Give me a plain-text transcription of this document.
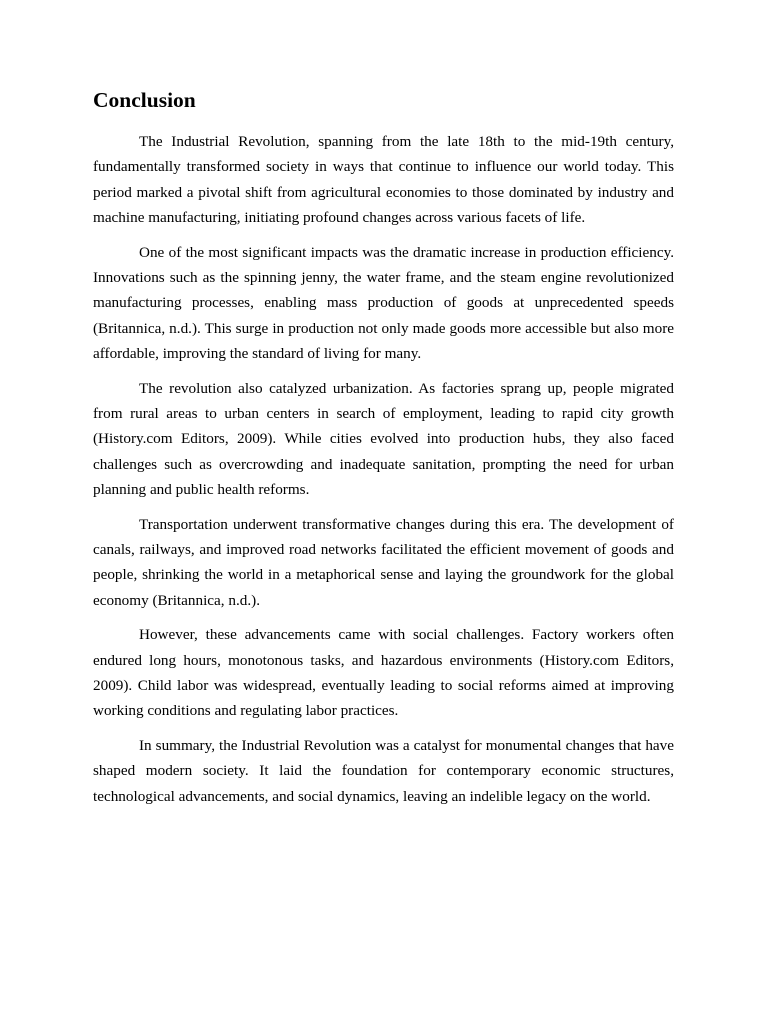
Conclusion

The Industrial Revolution, spanning from the late 18th to the mid-19th century, fundamentally transformed society in ways that continue to influence our world today. This period marked a pivotal shift from agricultural economies to those dominated by industry and machine manufacturing, initiating profound changes across various facets of life.

One of the most significant impacts was the dramatic increase in production efficiency. Innovations such as the spinning jenny, the water frame, and the steam engine revolutionized manufacturing processes, enabling mass production of goods at unprecedented speeds (Britannica, n.d.). This surge in production not only made goods more accessible but also more affordable, improving the standard of living for many.

The revolution also catalyzed urbanization. As factories sprang up, people migrated from rural areas to urban centers in search of employment, leading to rapid city growth (History.com Editors, 2009). While cities evolved into production hubs, they also faced challenges such as overcrowding and inadequate sanitation, prompting the need for urban planning and public health reforms.

Transportation underwent transformative changes during this era. The development of canals, railways, and improved road networks facilitated the efficient movement of goods and people, shrinking the world in a metaphorical sense and laying the groundwork for the global economy (Britannica, n.d.).

However, these advancements came with social challenges. Factory workers often endured long hours, monotonous tasks, and hazardous environments (History.com Editors, 2009). Child labor was widespread, eventually leading to social reforms aimed at improving working conditions and regulating labor practices.

In summary, the Industrial Revolution was a catalyst for monumental changes that have shaped modern society. It laid the foundation for contemporary economic structures, technological advancements, and social dynamics, leaving an indelible legacy on the world.
